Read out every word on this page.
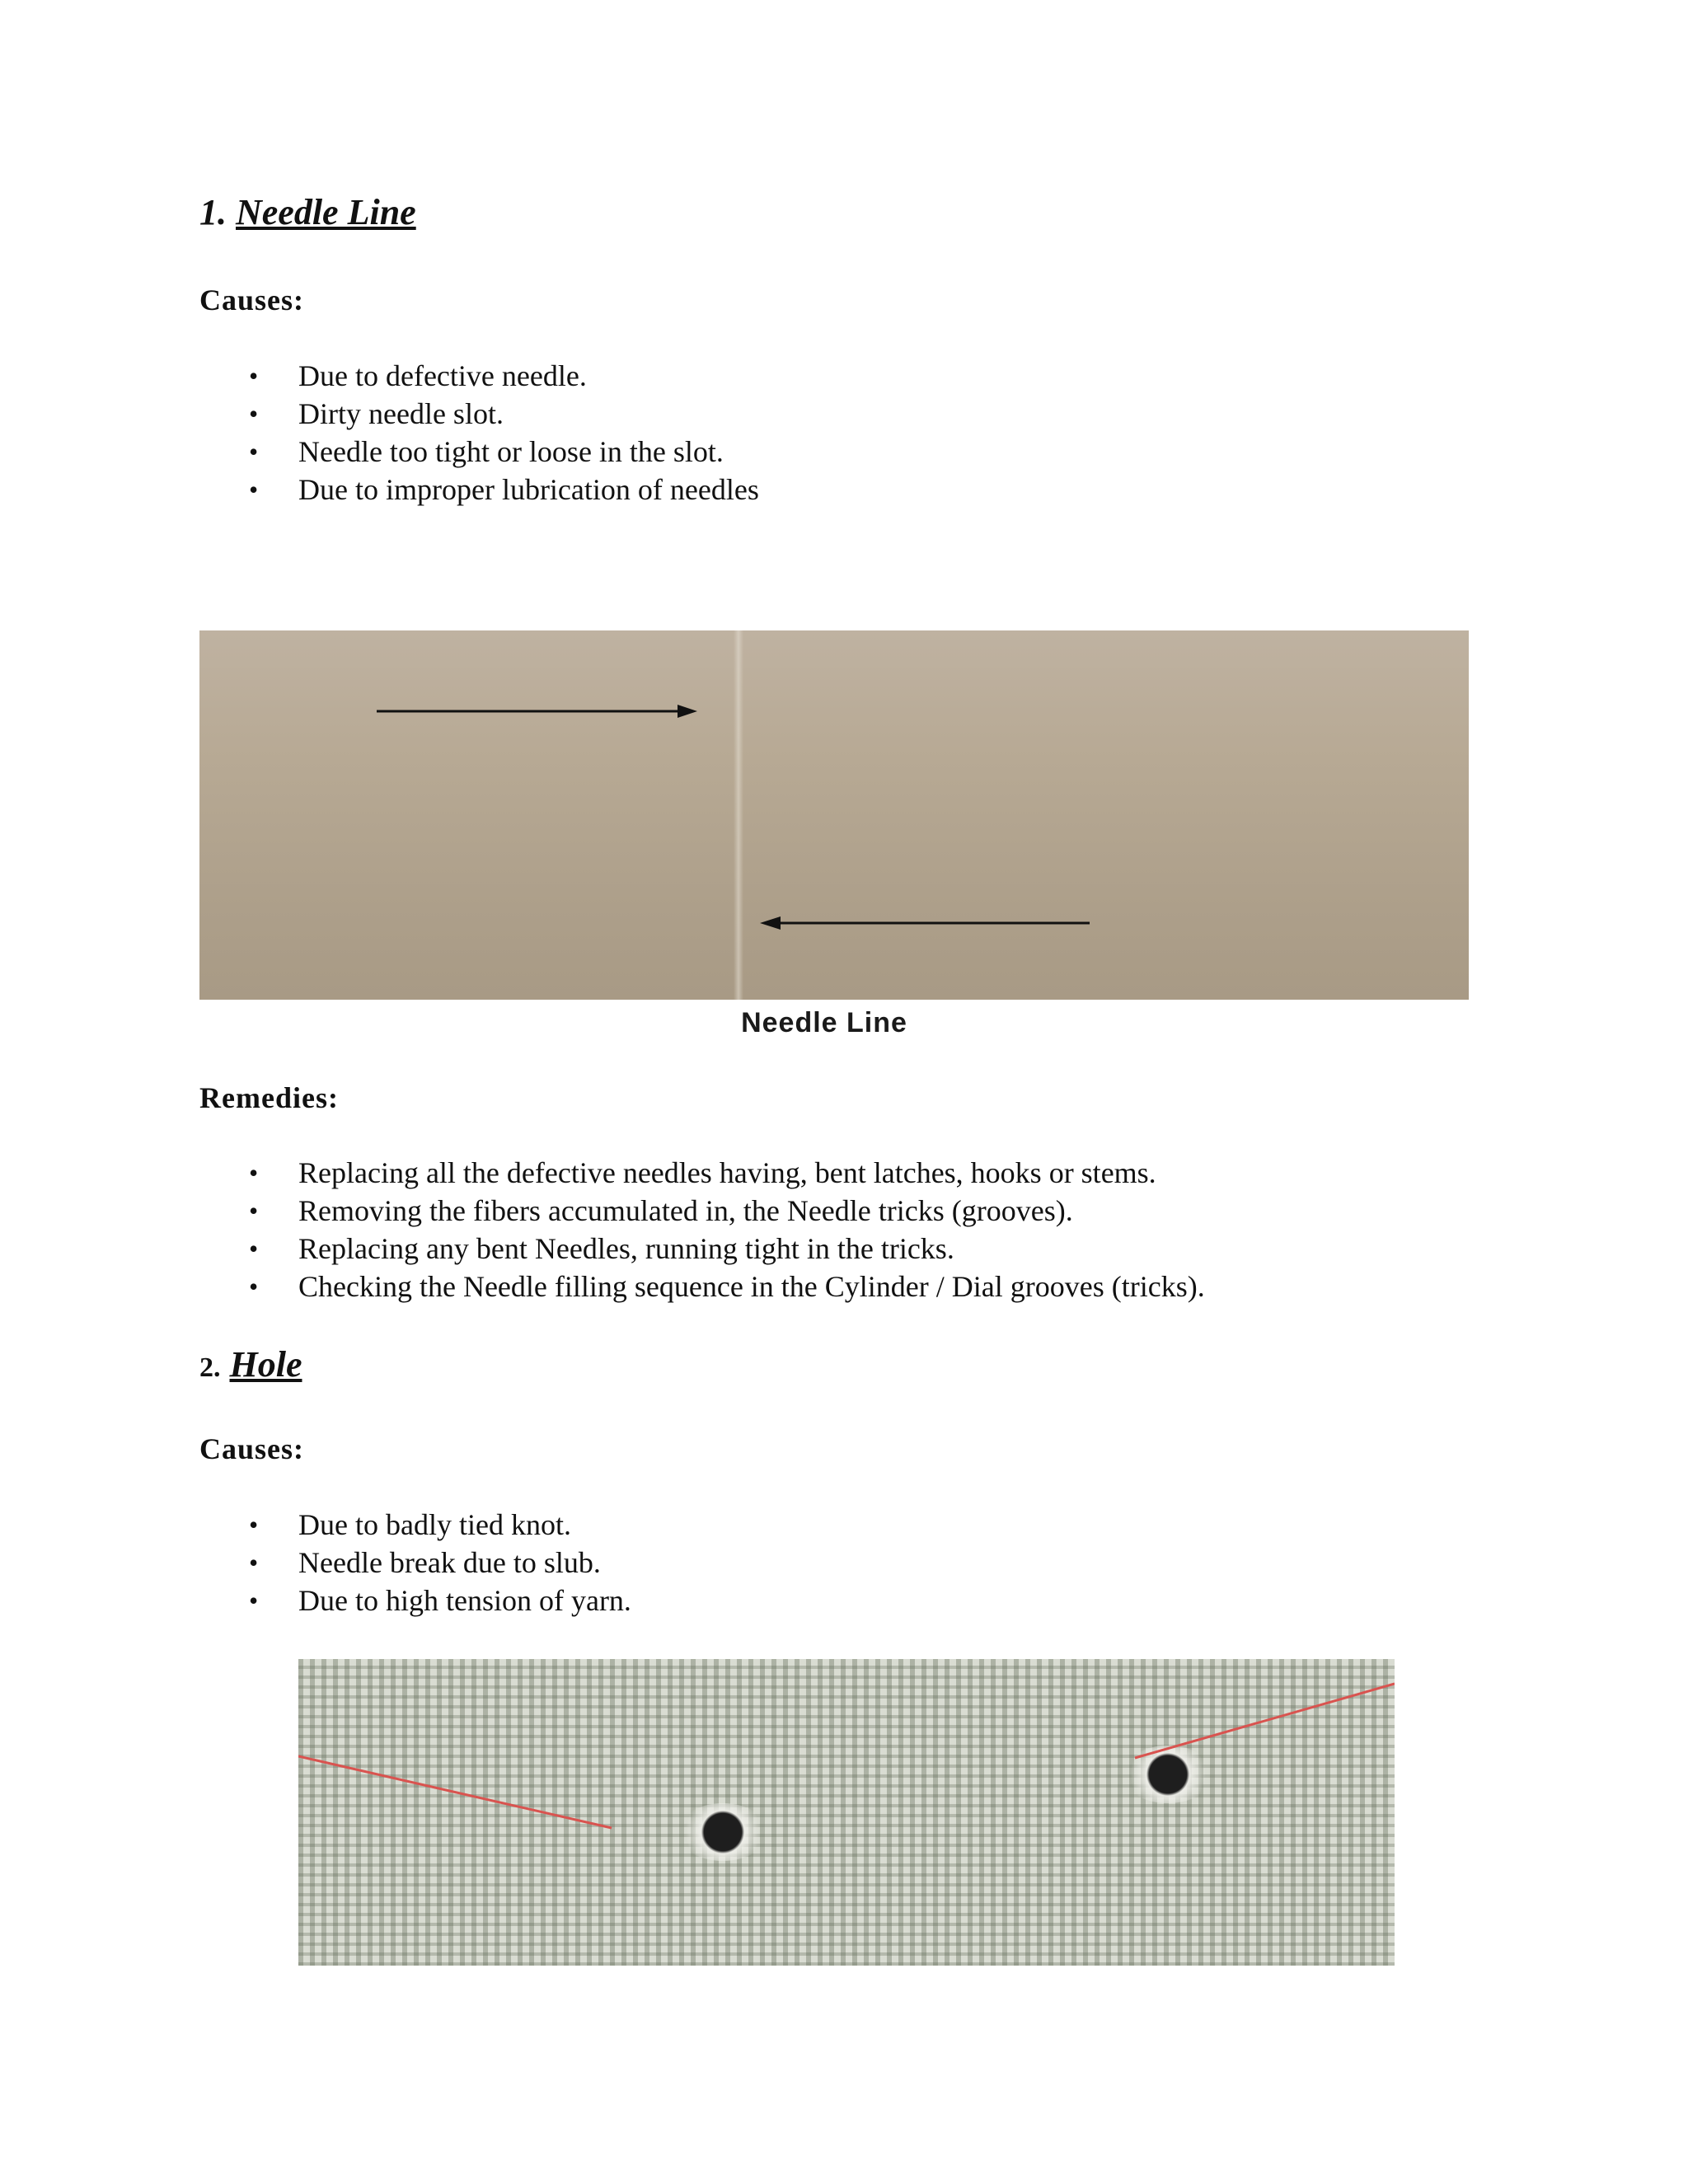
1. Needle Line
Causes:
• Due to defective needle.
• Dirty needle slot.
• Needle too tight or loose in the slot.
• Due to improper lubrication of needles
Needle Line
Remedies:
• Replacing all the defective needles having, bent latches, hooks or stems.
• Removing the fibers accumulated in, the Needle tricks (grooves).
• Replacing any bent Needles, running tight in the tricks.
• Checking the Needle filling sequence in the Cylinder / Dial grooves (tricks).
2. Hole
Causes:
• Due to badly tied knot.
• Needle break due to slub.
• Due to high tension of yarn.
